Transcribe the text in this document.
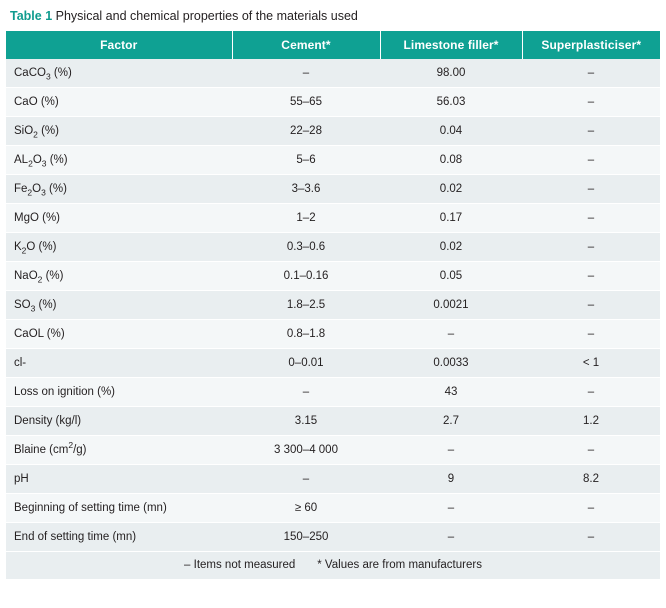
Table 1 Physical and chemical properties of the materials used
Factor	Cement*	Limestone filler*	Superplasticiser*
CaCO$_3$ (%)	–	98.00	–
CaO (%)	55–65	56.03	–
SiO$_2$ (%)	22–28	0.04	–
$AL_2O_3$ (%)	5–6	0.08	–
$Fe_2O_3$ (%)	3–3.6	0.02	–
MgO (%)	1–2	0.17	–
$K_2O$ (%)	0.3–0.6	0.02	–
NaO$_2$ (%)	0.1–0.16	0.05	–
$SO_3$ (%)	1.8–2.5	0.0021	–
CaOL (%)	0.8–1.8	–	–
cl-	0–0.01	0.0033	< 1
Loss on ignition (%)	–	43	–
Density (kg/l)	3.15	2.7	1.2
Blaine $(cm^2/g)$	3 300–4 000	–	–
pH	–	9	8.2
Beginning of setting time (mn)	≥ 60	–	–
End of setting time (mn)	150–250	–	–
– Items not measured * Values are from manufacturers			
